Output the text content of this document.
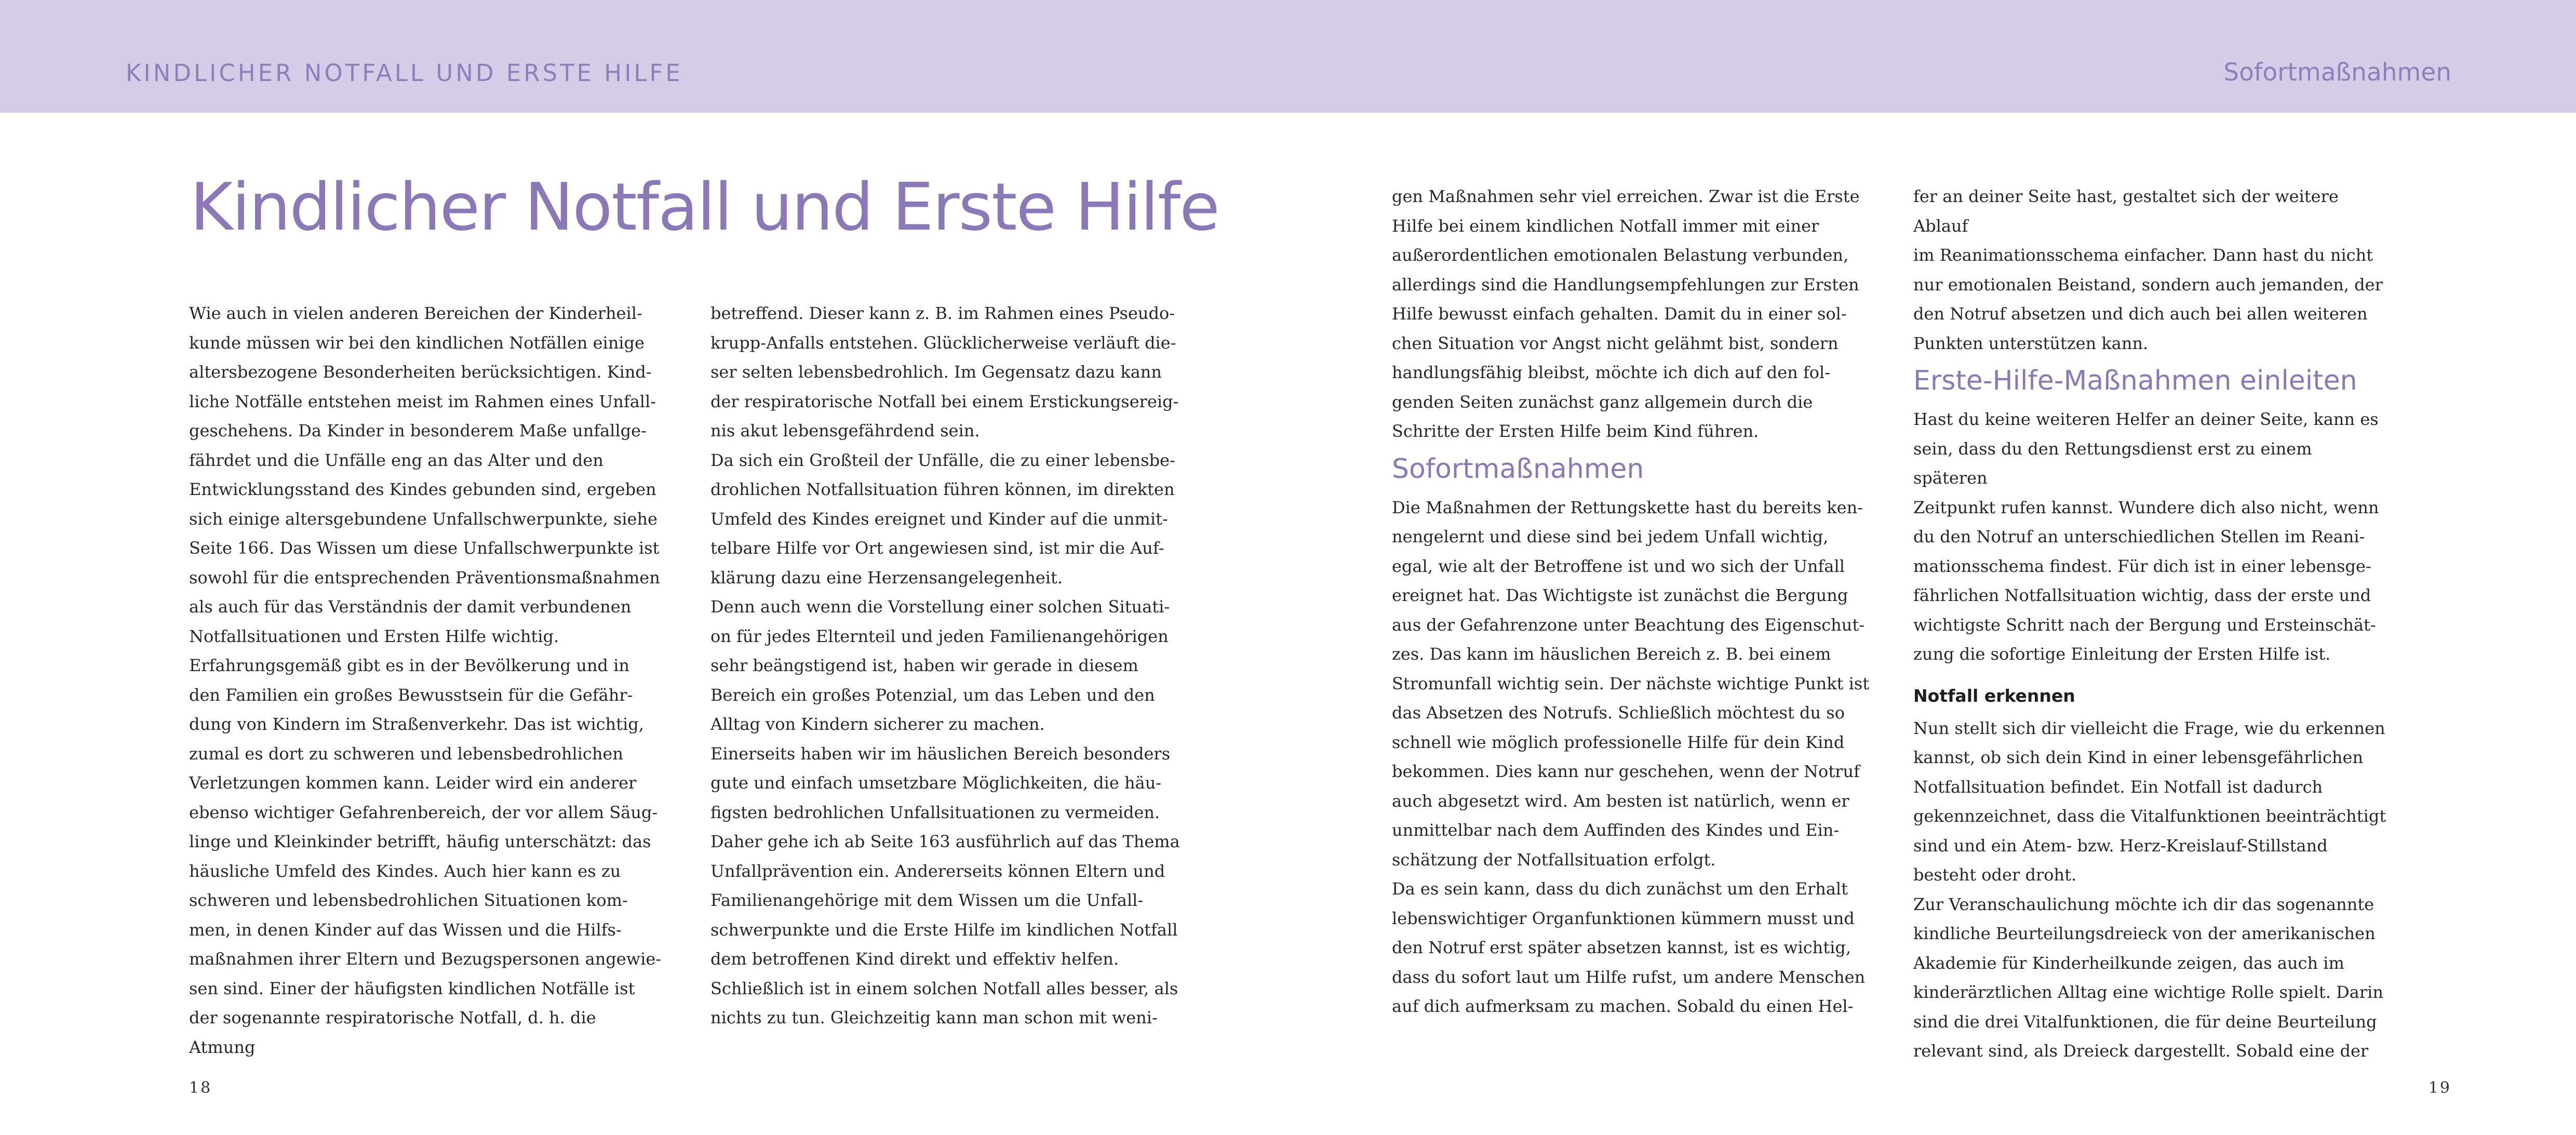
KINDLICHER NOTFALL UND ERSTE HILFE	Sofortmaßnahmen
Kindlicher Notfall und Erste Hilfe

Wie auch in vielen anderen Bereichen der Kinderheil-

kunde müssen wir bei den kindlichen Notfällen einige

altersbezogene Besonderheiten berücksichtigen. Kind-

liche Notfälle entstehen meist im Rahmen eines Unfall-

geschehens. Da Kinder in besonderem Maße unfallge-

fährdet und die Unfälle eng an das Alter und den

Entwicklungsstand des Kindes gebunden sind, ergeben

sich einige altersgebundene Unfallschwerpunkte, siehe

Seite 166. Das Wissen um diese Unfallschwerpunkte ist

sowohl für die entsprechenden Präventionsmaßnahmen

als auch für das Verständnis der damit verbundenen

Notfallsituationen und Ersten Hilfe wichtig.

Erfahrungsgemäß gibt es in der Bevölkerung und in

den Familien ein großes Bewusstsein für die Gefähr-

dung von Kindern im Straßenverkehr. Das ist wichtig,

zumal es dort zu schweren und lebensbedrohlichen

Verletzungen kommen kann. Leider wird ein anderer

ebenso wichtiger Gefahrenbereich, der vor allem Säug-

linge und Kleinkinder betrifft, häufig unterschätzt: das

häusliche Umfeld des Kindes. Auch hier kann es zu

schweren und lebensbedrohlichen Situationen kom-

men, in denen Kinder auf das Wissen und die Hilfs-

maßnahmen ihrer Eltern und Bezugspersonen angewie-

sen sind. Einer der häufigsten kindlichen Notfälle ist

der sogenannte respiratorische Notfall, d. h. die Atmung

betreffend. Dieser kann z. B. im Rahmen eines Pseudo-

krupp-Anfalls entstehen. Glücklicherweise verläuft die-

ser selten lebensbedrohlich. Im Gegensatz dazu kann

der respiratorische Notfall bei einem Erstickungsereig-

nis akut lebensgefährdend sein.

Da sich ein Großteil der Unfälle, die zu einer lebensbe-

drohlichen Notfallsituation führen können, im direkten

Umfeld des Kindes ereignet und Kinder auf die unmit-

telbare Hilfe vor Ort angewiesen sind, ist mir die Auf-

klärung dazu eine Herzensangelegenheit.

Denn auch wenn die Vorstellung einer solchen Situati-

on für jedes Elternteil und jeden Familienangehörigen

sehr beängstigend ist, haben wir gerade in diesem

Bereich ein großes Potenzial, um das Leben und den

Alltag von Kindern sicherer zu machen.

Einerseits haben wir im häuslichen Bereich besonders

gute und einfach umsetzbare Möglichkeiten, die häu-

figsten bedrohlichen Unfallsituationen zu vermeiden.

Daher gehe ich ab Seite 163 ausführlich auf das Thema

Unfallprävention ein. Andererseits können Eltern und

Familienangehörige mit dem Wissen um die Unfall-

schwerpunkte und die Erste Hilfe im kindlichen Notfall

dem betroffenen Kind direkt und effektiv helfen.

Schließlich ist in einem solchen Notfall alles besser, als

nichts zu tun. Gleichzeitig kann man schon mit weni-

gen Maßnahmen sehr viel erreichen. Zwar ist die Erste

Hilfe bei einem kindlichen Notfall immer mit einer

außerordentlichen emotionalen Belastung verbunden,

allerdings sind die Handlungsempfehlungen zur Ersten

Hilfe bewusst einfach gehalten. Damit du in einer sol-

chen Situation vor Angst nicht gelähmt bist, sondern

handlungsfähig bleibst, möchte ich dich auf den fol-

genden Seiten zunächst ganz allgemein durch die

Schritte der Ersten Hilfe beim Kind führen.

Sofortmaßnahmen

Die Maßnahmen der Rettungskette hast du bereits ken-

nengelernt und diese sind bei jedem Unfall wichtig,

egal, wie alt der Betroffene ist und wo sich der Unfall

ereignet hat. Das Wichtigste ist zunächst die Bergung

aus der Gefahrenzone unter Beachtung des Eigenschut-

zes. Das kann im häuslichen Bereich z. B. bei einem

Stromunfall wichtig sein. Der nächste wichtige Punkt ist

das Absetzen des Notrufs. Schließlich möchtest du so

schnell wie möglich professionelle Hilfe für dein Kind

bekommen. Dies kann nur geschehen, wenn der Notruf

auch abgesetzt wird. Am besten ist natürlich, wenn er

unmittelbar nach dem Auffinden des Kindes und Ein-

schätzung der Notfallsituation erfolgt.

Da es sein kann, dass du dich zunächst um den Erhalt

lebenswichtiger Organfunktionen kümmern musst und

den Notruf erst später absetzen kannst, ist es wichtig,

dass du sofort laut um Hilfe rufst, um andere Menschen

auf dich aufmerksam zu machen. Sobald du einen Hel-

fer an deiner Seite hast, gestaltet sich der weitere Ablauf

im Reanimationsschema einfacher. Dann hast du nicht

nur emotionalen Beistand, sondern auch jemanden, der

den Notruf absetzen und dich auch bei allen weiteren

Punkten unterstützen kann.

Erste-Hilfe-Maßnahmen einleiten

Hast du keine weiteren Helfer an deiner Seite, kann es

sein, dass du den Rettungsdienst erst zu einem späteren

Zeitpunkt rufen kannst. Wundere dich also nicht, wenn

du den Notruf an unterschiedlichen Stellen im Reani-

mationsschema findest. Für dich ist in einer lebensge-

fährlichen Notfallsituation wichtig, dass der erste und

wichtigste Schritt nach der Bergung und Ersteinschät-

zung die sofortige Einleitung der Ersten Hilfe ist.

Notfall erkennen

Nun stellt sich dir vielleicht die Frage, wie du erkennen

kannst, ob sich dein Kind in einer lebensgefährlichen

Notfallsituation befindet. Ein Notfall ist dadurch

gekennzeichnet, dass die Vitalfunktionen beeinträchtigt

sind und ein Atem- bzw. Herz-Kreislauf-Stillstand

besteht oder droht.

Zur Veranschaulichung möchte ich dir das sogenannte

kindliche Beurteilungsdreieck von der amerikanischen

Akademie für Kinderheilkunde zeigen, das auch im

kinderärztlichen Alltag eine wichtige Rolle spielt. Darin

sind die drei Vitalfunktionen, die für deine Beurteilung

relevant sind, als Dreieck dargestellt. Sobald eine der

18	19
